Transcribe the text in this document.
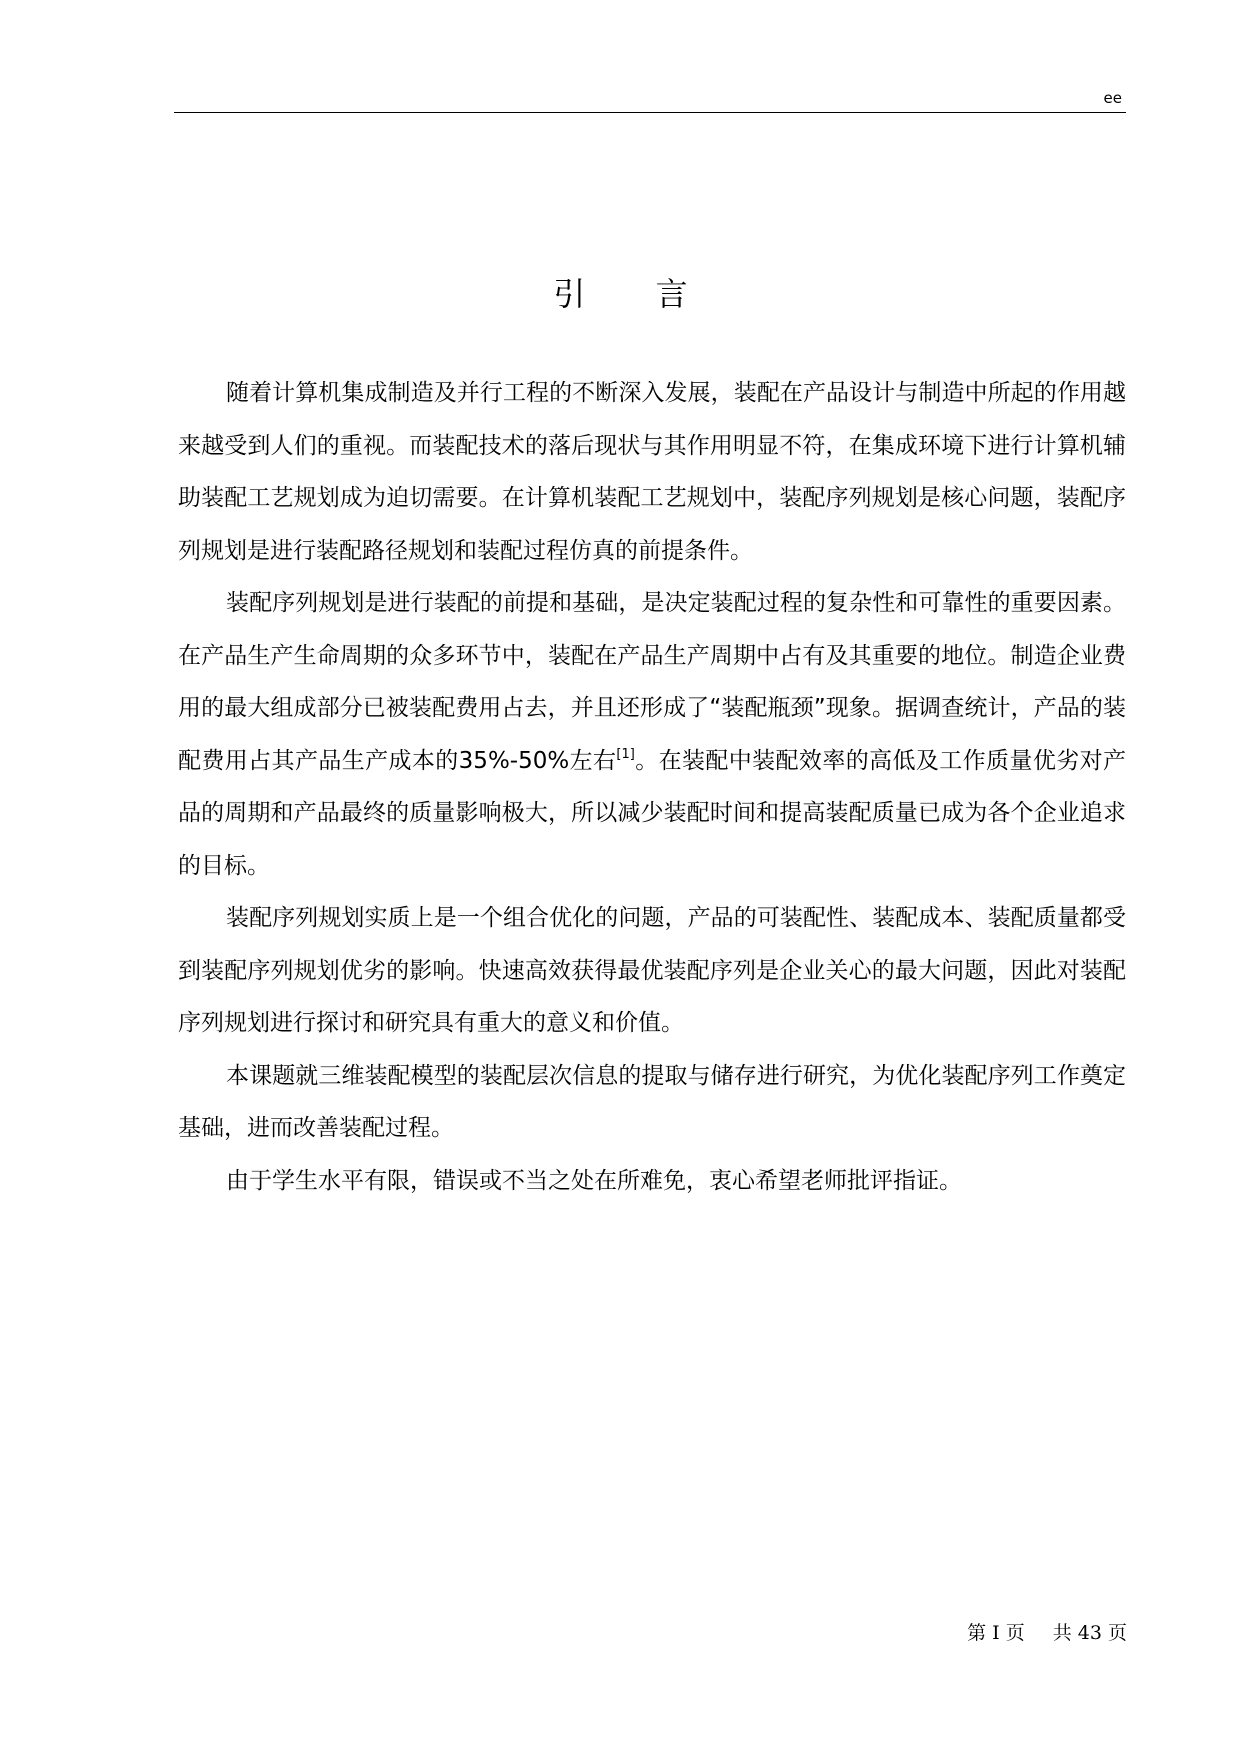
ee
引 言

随着计算机集成制造及并行工程的不断深入发展，装配在产品设计与制造中所起的作用越来越受到人们的重视。而装配技术的落后现状与其作用明显不符，在集成环境下进行计算机辅助装配工艺规划成为迫切需要。在计算机装配工艺规划中，装配序列规划是核心问题，装配序列规划是进行装配路径规划和装配过程仿真的前提条件。

装配序列规划是进行装配的前提和基础，是决定装配过程的复杂性和可靠性的重要因素。在产品生产生命周期的众多环节中，装配在产品生产周期中占有及其重要的地位。制造企业费用的最大组成部分已被装配费用占去，并且还形成了“装配瓶颈”现象。据调查统计，产品的装配费用占其产品生产成本的35%-50%左右[1]。在装配中装配效率的高低及工作质量优劣对产品的周期和产品最终的质量影响极大，所以减少装配时间和提高装配质量已成为各个企业追求的目标。

装配序列规划实质上是一个组合优化的问题，产品的可装配性、装配成本、装配质量都受到装配序列规划优劣的影响。快速高效获得最优装配序列是企业关心的最大问题，因此对装配序列规划进行探讨和研究具有重大的意义和价值。

本课题就三维装配模型的装配层次信息的提取与储存进行研究，为优化装配序列工作奠定基础，进而改善装配过程。

由于学生水平有限，错误或不当之处在所难免，衷心希望老师批评指证。

第 I 页 共 43 页
